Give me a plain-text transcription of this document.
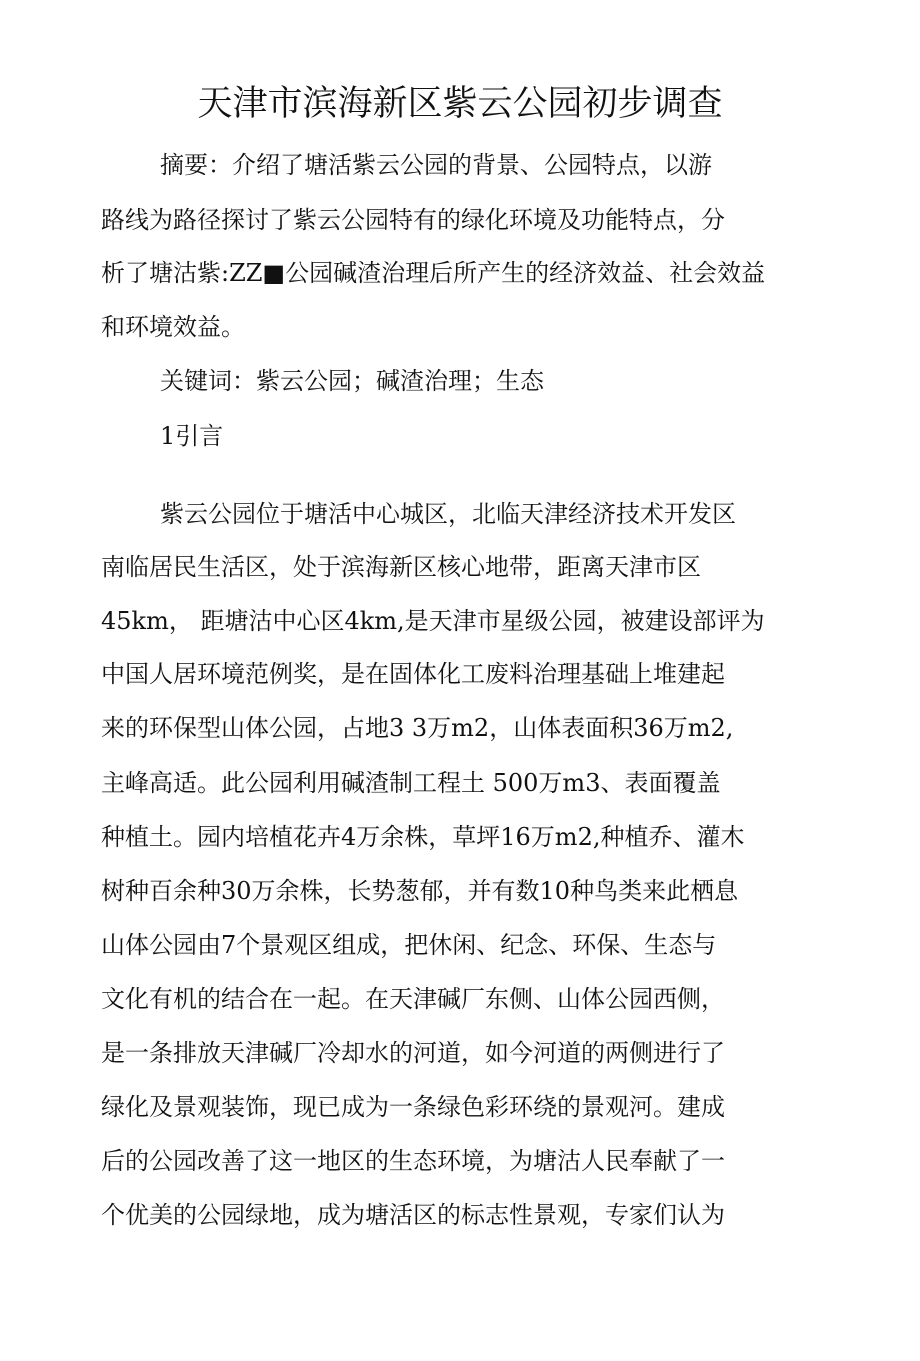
天津市滨海新区紫云公园初步调查
摘要：介绍了塘活紫云公园的背景、公园特点，以游
路线为路径探讨了紫云公园特有的绿化环境及功能特点，分
析了塘沽紫:ZZ■公园碱渣治理后所产生的经济效益、社会效益
和环境效益。
关键词：紫云公园；碱渣治理；生态
1引言
紫云公园位于塘活中心城区，北临天津经济技术开发区
南临居民生活区，处于滨海新区核心地带，距离天津市区
45km， 距塘沽中心区4km,是天津市星级公园，被建设部评为
中国人居环境范例奖，是在固体化工废料治理基础上堆建起
来的环保型山体公园，占地3 3万m2，山体表面积36万m2,
主峰高适。此公园利用碱渣制工程土 500万m3、表面覆盖
种植土。园内培植花卉4万余株，草坪16万m2,种植乔、灌木
树种百余种30万余株，长势葱郁，并有数10种鸟类来此栖息
山体公园由7个景观区组成，把休闲、纪念、环保、生态与
文化有机的结合在一起。在天津碱厂东侧、山体公园西侧，
是一条排放天津碱厂冷却水的河道，如今河道的两侧进行了
绿化及景观装饰，现已成为一条绿色彩环绕的景观河。建成
后的公园改善了这一地区的生态环境，为塘沽人民奉献了一
个优美的公园绿地，成为塘活区的标志性景观，专家们认为
